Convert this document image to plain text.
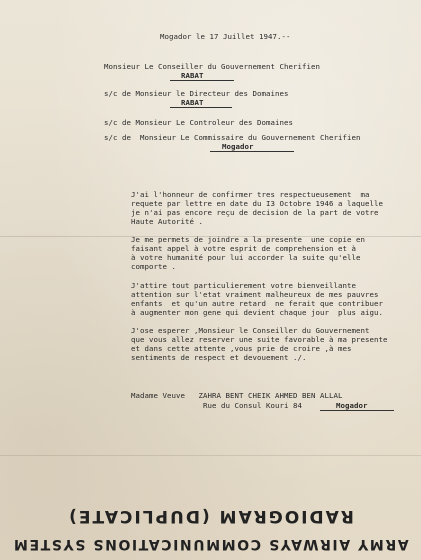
Mogador le 17 Juillet 1947.--
Monsieur Le Conseiller du Gouvernement Cherifien
RABAT
s/c de Monsieur le Directeur des Domaines
RABAT
s/c de Monsieur Le Controleur des Domaines
s/c de  Monsieur Le Commissaire du Gouvernement Cherifien
Mogador
J'ai l'honneur de confirmer tres respectueusement  ma
requete par lettre en date du I3 Octobre 1946 a laquelle
je n'ai pas encore reçu de decision de la part de votre
Haute Autorité .
Je me permets de joindre a la presente  une copie en
faisant appel à votre esprit de comprehension et à
à votre humanité pour lui accorder la suite qu'elle
comporte .
J'attire tout particulierement votre bienveillante
attention sur l'etat vraiment malheureux de mes pauvres
enfants  et qu'un autre retard  ne ferait que contribuer
à augmenter mon gene qui devient chaque jour  plus aigu.
J'ose esperer ,Monsieur le Conseiller du Gouvernement
que vous allez reserver une suite favorable à ma presente
et dans cette attente ,vous prie de croire ,à mes
sentiments de respect et devouement ./.
Madame Veuve   ZAHRA BENT CHEIK AHMED BEN ALLAL
Rue du Consul Kouri 84	Mogador
ARMY AIRWAYS COMMUNICATIONS SYSTEM
RADIOGRAM (DUPLICATE)
